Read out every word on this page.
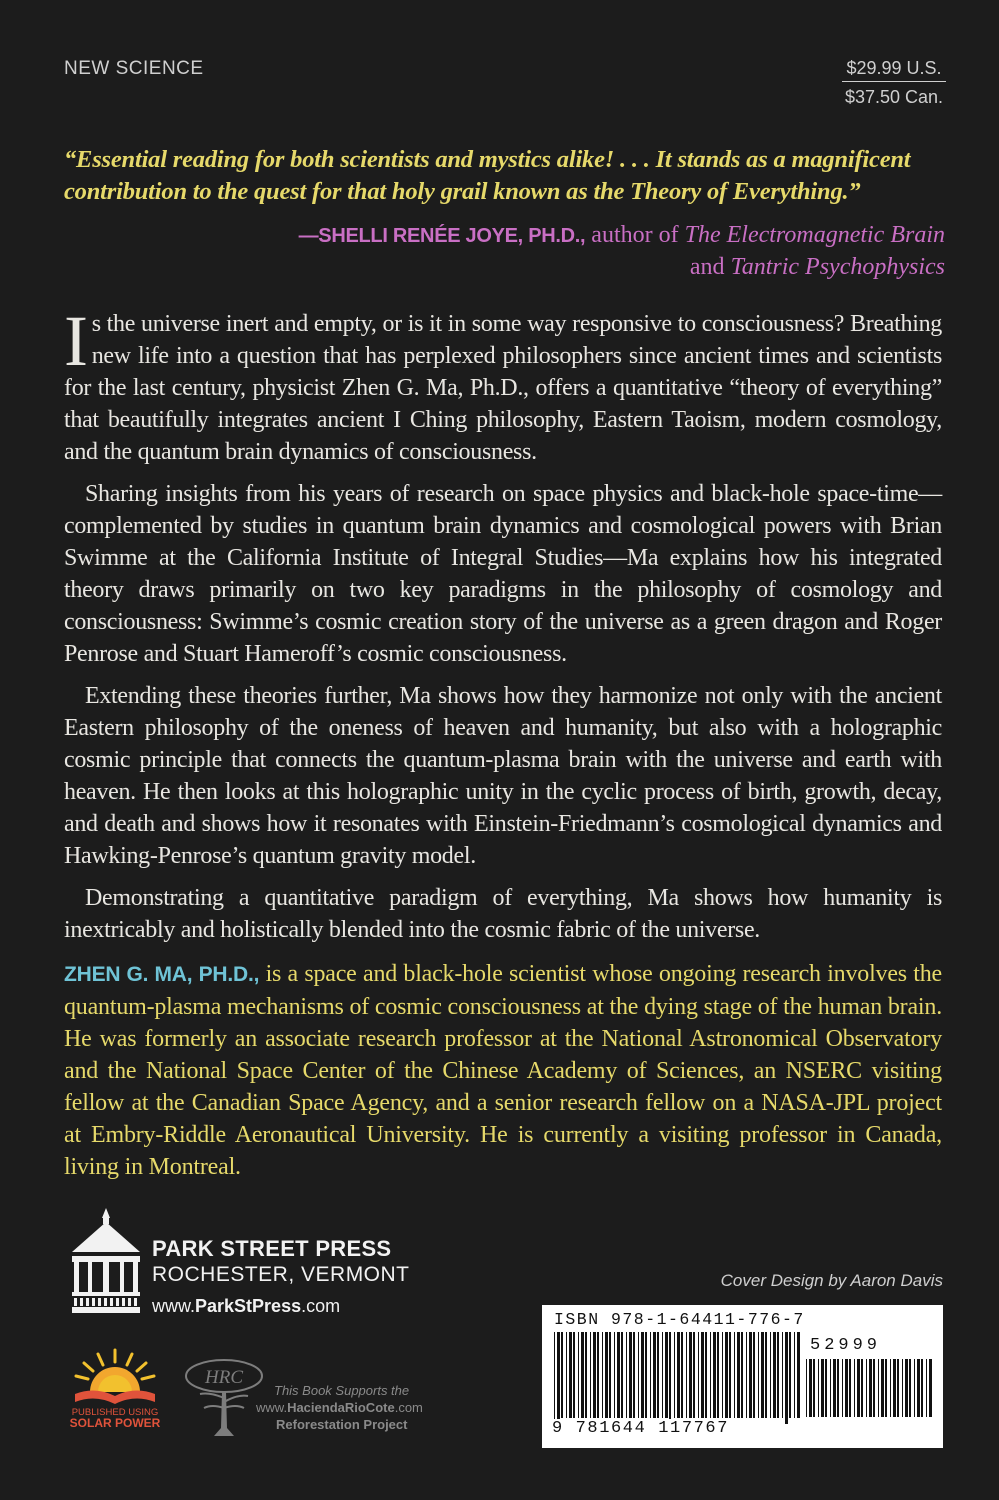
NEW SCIENCE	$29.99 U.S.
$37.50 Can.
“Essential reading for both scientists and mystics alike! . . . It stands as a magnificent contribution to the quest for that holy grail known as the Theory of Everything.”
—SHELLI RENÉE JOYE, PH.D., author of The Electromagnetic Brain
and Tantric Psychophysics

Is the universe inert and empty, or is it in some way responsive to consciousness? Breathing new life into a question that has perplexed philosophers since ancient times and scientists for the last century, physicist Zhen G. Ma, Ph.D., offers a quantitative “theory of everything” that beautifully integrates ancient I Ching philosophy, Eastern Taoism, modern cosmology, and the quantum brain dynamics of consciousness.

Sharing insights from his years of research on space physics and black-hole space-time—complemented by studies in quantum brain dynamics and cosmological powers with Brian Swimme at the California Institute of Integral Studies—Ma explains how his integrated theory draws primarily on two key paradigms in the philosophy of cosmology and consciousness: Swimme’s cosmic creation story of the universe as a green dragon and Roger Penrose and Stuart Hameroff’s cosmic consciousness.

Extending these theories further, Ma shows how they harmonize not only with the ancient Eastern philosophy of the oneness of heaven and humanity, but also with a holographic cosmic principle that connects the quantum-plasma brain with the universe and earth with heaven. He then looks at this holographic unity in the cyclic process of birth, growth, decay, and death and shows how it resonates with Einstein-Friedmann’s cosmological dynamics and Hawking-Penrose’s quantum gravity model.

Demonstrating a quantitative paradigm of everything, Ma shows how humanity is inextricably and holistically blended into the cosmic fabric of the universe.

ZHEN G. MA, PH.D., is a space and black-hole scientist whose ongoing research involves the quantum-plasma mechanisms of cosmic consciousness at the dying stage of the human brain. He was formerly an associate research professor at the National Astronomical Observatory and the National Space Center of the Chinese Academy of Sciences, an NSERC visiting fellow at the Canadian Space Agency, and a senior research fellow on a NASA-JPL project at Embry-Riddle Aeronautical University. He is currently a visiting professor in Canada, living in Montreal.
PARK STREET PRESS
ROCHESTER, VERMONT
www.ParkStPress.com
Cover Design by Aaron Davis
ISBN 978-1-64411-776-7
52999
9 781644 117767
PUBLISHED USING
SOLAR POWER
HRC
This Book Supports the
www.HaciendaRioCote.com
Reforestation Project
